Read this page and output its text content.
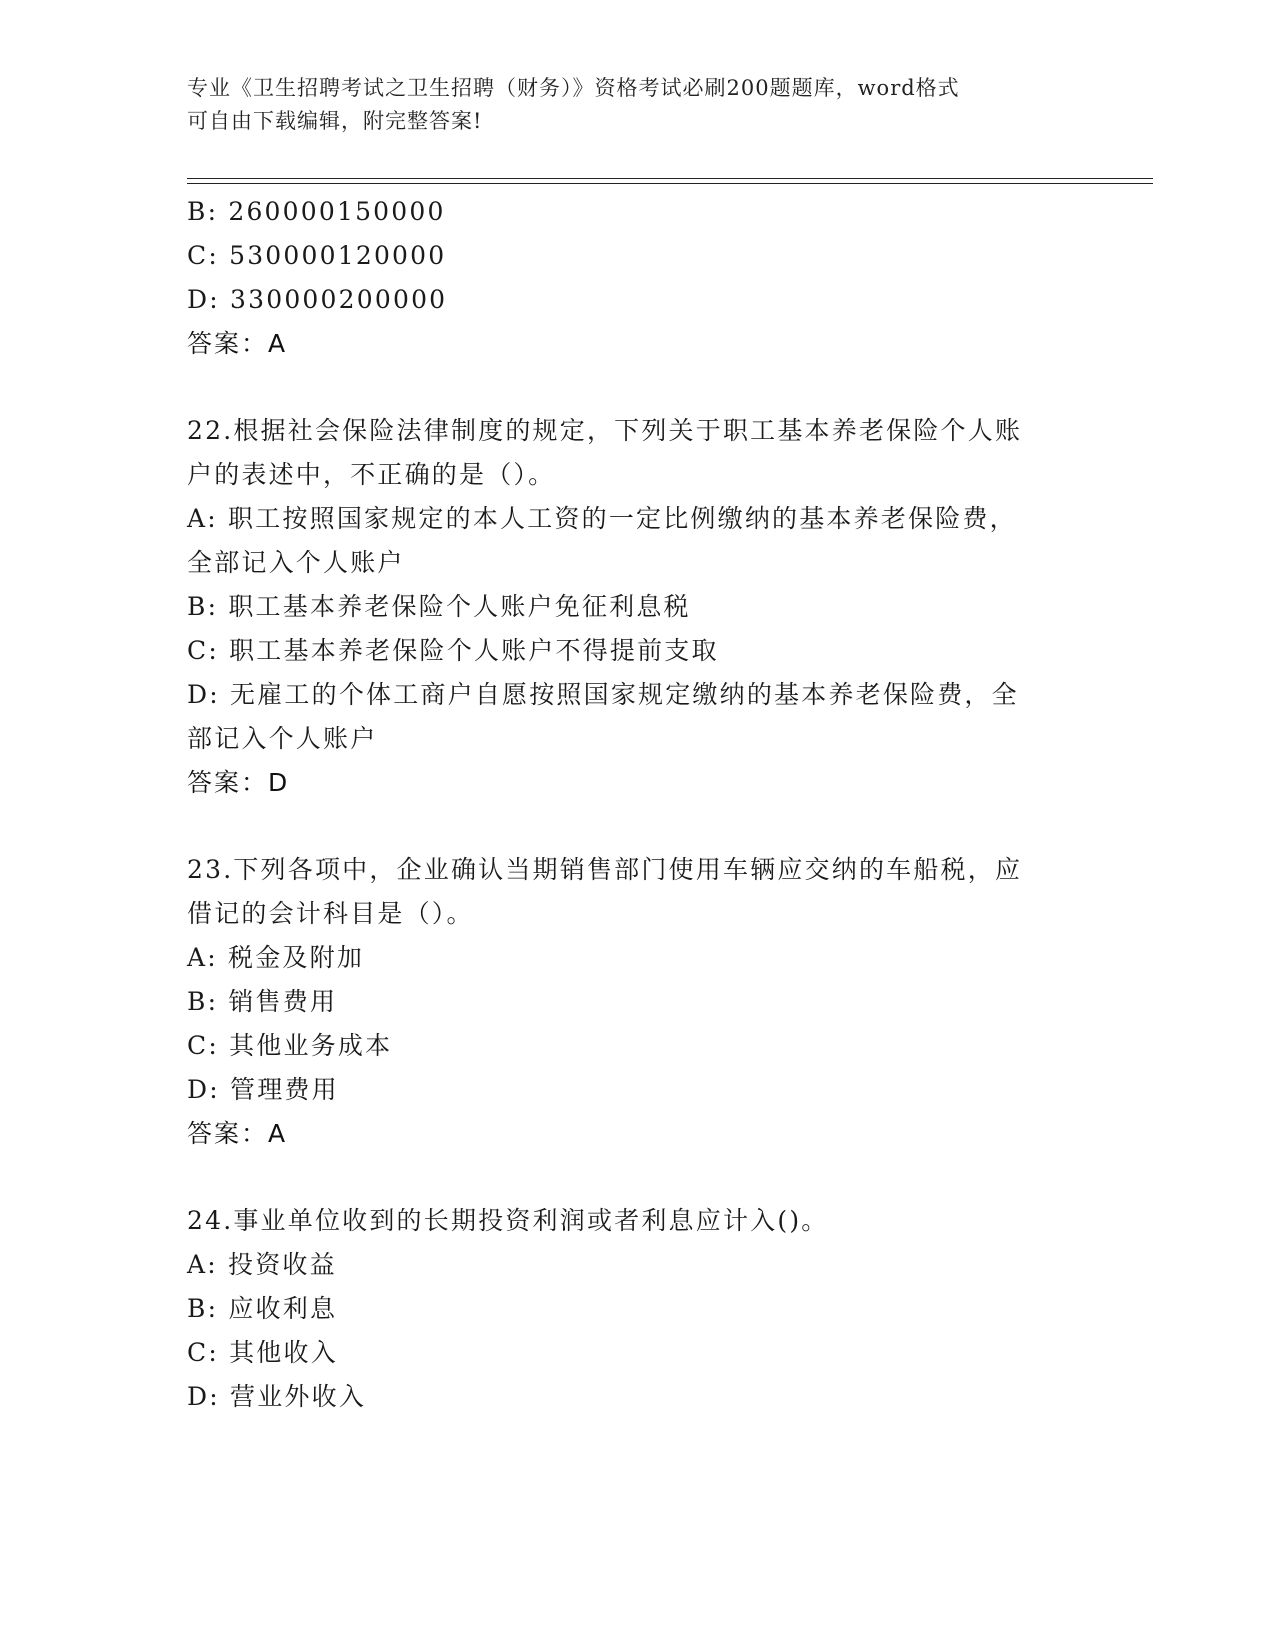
专业《卫生招聘考试之卫生招聘（财务）》资格考试必刷200题题库，word格式
可自由下载编辑，附完整答案!
B: 260000150000
C: 530000120000
D: 330000200000
答案：A
22.根据社会保险法律制度的规定，下列关于职工基本养老保险个人账
户的表述中，不正确的是（）。
A: 职工按照国家规定的本人工资的一定比例缴纳的基本养老保险费，
全部记入个人账户
B: 职工基本养老保险个人账户免征利息税
C: 职工基本养老保险个人账户不得提前支取
D: 无雇工的个体工商户自愿按照国家规定缴纳的基本养老保险费，全
部记入个人账户
答案：D
23.下列各项中，企业确认当期销售部门使用车辆应交纳的车船税，应
借记的会计科目是（）。
A: 税金及附加
B: 销售费用
C: 其他业务成本
D: 管理费用
答案：A
24.事业单位收到的长期投资利润或者利息应计入()。
A: 投资收益
B: 应收利息
C: 其他收入
D: 营业外收入
